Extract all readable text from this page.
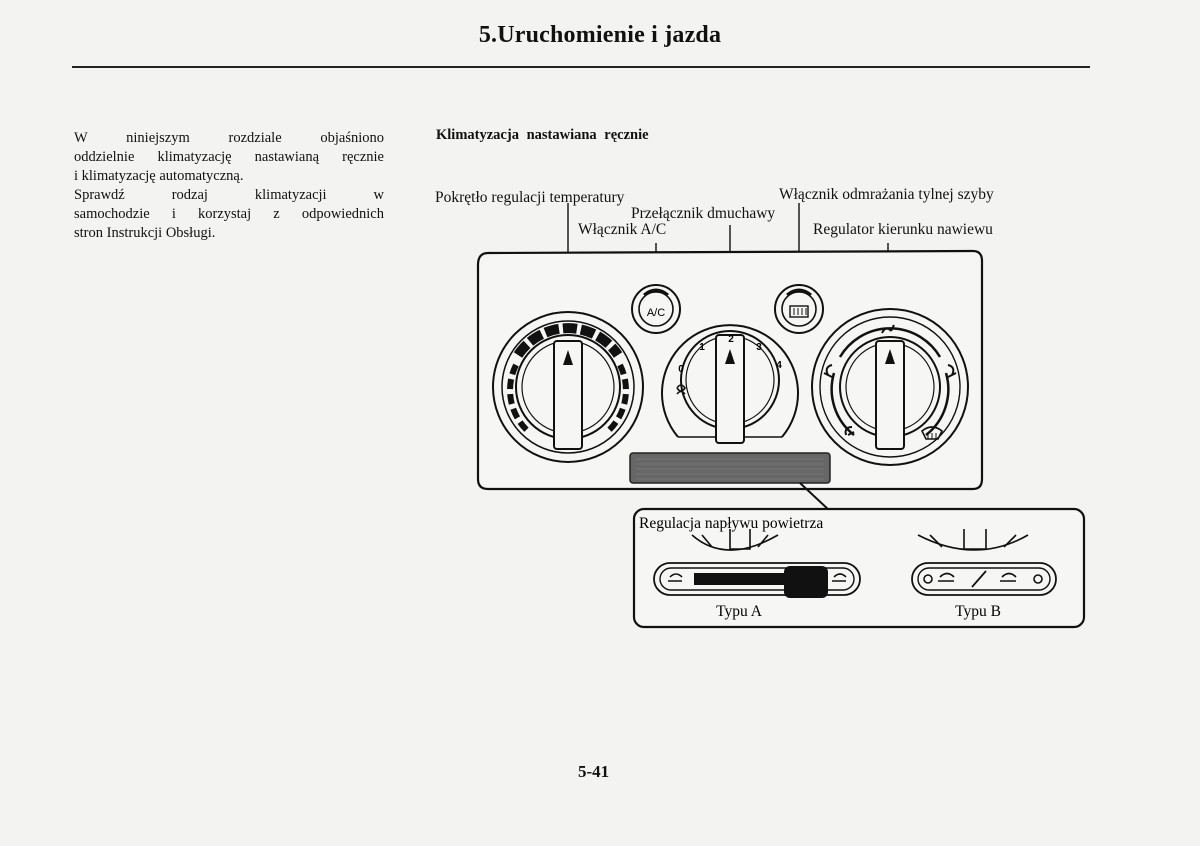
5.Uruchomienie i jazda
W niniejszym rozdziale objaśniono
oddzielnie klimatyzację nastawianą ręcznie
i klimatyzację automatyczną.
Sprawdź rodzaj klimatyzacji w
samochodzie i korzystaj z odpowiednich
stron Instrukcji Obsługi.
Klimatyzacja nastawiana ręcznie
Pokrętło regulacji temperatury	Włącznik odmrażania tylnej szyby
Przełącznik dmuchawy
Włącznik A/C	Regulator kierunku nawiewu
A/C
0
1
2
3
4
Regulacja napływu powietrza
Typu A	Typu B
5-41
